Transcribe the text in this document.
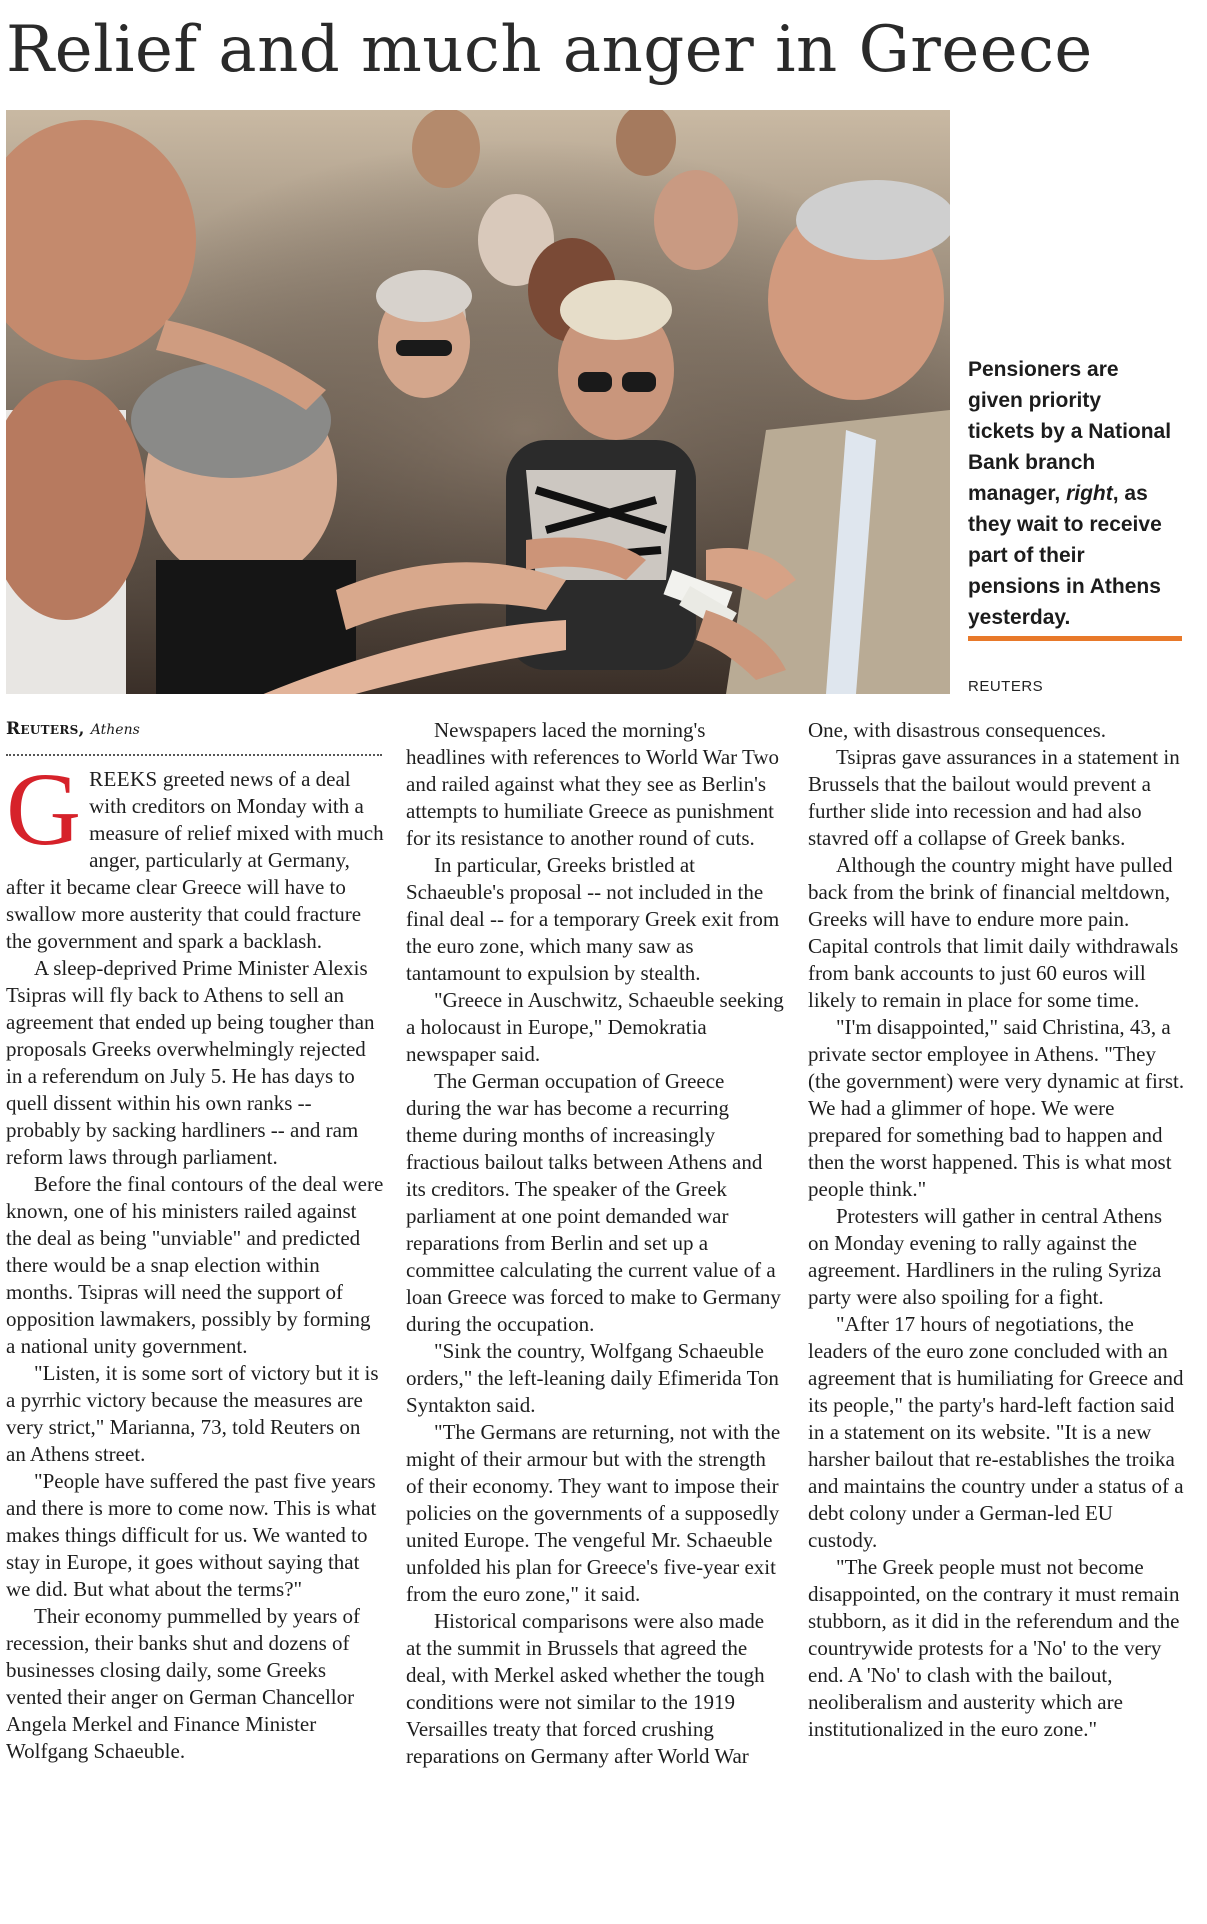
Relief and much anger in Greece

Pensioners are given priority tickets by a National Bank branch manager, right, as they wait to receive part of their pensions in Athens yesterday.

REUTERS
Reuters, Athens

GREEKS greeted news of a deal with creditors on Monday with a measure of relief mixed with much anger, particularly at Germany, after it became clear Greece will have to swallow more austerity that could fracture the government and spark a backlash.

A sleep-deprived Prime Minister Alexis Tsipras will fly back to Athens to sell an agreement that ended up being tougher than proposals Greeks overwhelmingly rejected in a referendum on July 5. He has days to quell dissent within his own ranks -- probably by sacking hardliners -- and ram reform laws through parliament.

Before the final contours of the deal were known, one of his ministers railed against the deal as being "unviable" and predicted there would be a snap election within months. Tsipras will need the support of opposition lawmakers, possibly by forming a national unity government.

"Listen, it is some sort of victory but it is a pyrrhic victory because the measures are very strict," Marianna, 73, told Reuters on an Athens street.

"People have suffered the past five years and there is more to come now. This is what makes things difficult for us. We wanted to stay in Europe, it goes without saying that we did. But what about the terms?"

Their economy pummelled by years of recession, their banks shut and dozens of businesses closing daily, some Greeks vented their anger on German Chancellor Angela Merkel and Finance Minister Wolfgang Schaeuble.

Newspapers laced the morning's headlines with references to World War Two and railed against what they see as Berlin's attempts to humiliate Greece as punishment for its resistance to another round of cuts.

In particular, Greeks bristled at Schaeuble's proposal -- not included in the final deal -- for a temporary Greek exit from the euro zone, which many saw as tantamount to expulsion by stealth.

"Greece in Auschwitz, Schaeuble seeking a holocaust in Europe," Demokratia newspaper said.

The German occupation of Greece during the war has become a recurring theme during months of increasingly fractious bailout talks between Athens and its creditors. The speaker of the Greek parliament at one point demanded war reparations from Berlin and set up a committee calculating the current value of a loan Greece was forced to make to Germany during the occupation.

"Sink the country, Wolfgang Schaeuble orders," the left-leaning daily Efimerida Ton Syntakton said.

"The Germans are returning, not with the might of their armour but with the strength of their economy. They want to impose their policies on the governments of a supposedly united Europe. The vengeful Mr. Schaeuble unfolded his plan for Greece's five-year exit from the euro zone," it said.

Historical comparisons were also made at the summit in Brussels that agreed the deal, with Merkel asked whether the tough conditions were not similar to the 1919 Versailles treaty that forced crushing reparations on Germany after World War

One, with disastrous consequences.

Tsipras gave assurances in a statement in Brussels that the bailout would prevent a further slide into recession and had also stavred off a collapse of Greek banks.

Although the country might have pulled back from the brink of financial meltdown, Greeks will have to endure more pain. Capital controls that limit daily withdrawals from bank accounts to just 60 euros will likely to remain in place for some time.

"I'm disappointed," said Christina, 43, a private sector employee in Athens. "They (the government) were very dynamic at first. We had a glimmer of hope. We were prepared for something bad to happen and then the worst happened. This is what most people think."

Protesters will gather in central Athens on Monday evening to rally against the agreement. Hardliners in the ruling Syriza party were also spoiling for a fight.

"After 17 hours of negotiations, the leaders of the euro zone concluded with an agreement that is humiliating for Greece and its people," the party's hard-left faction said in a statement on its website. "It is a new harsher bailout that re-establishes the troika and maintains the country under a status of a debt colony under a German-led EU custody.

"The Greek people must not become disappointed, on the contrary it must remain stubborn, as it did in the referendum and the countrywide protests for a 'No' to the very end. A 'No' to clash with the bailout, neoliberalism and austerity which are institutionalized in the euro zone."
